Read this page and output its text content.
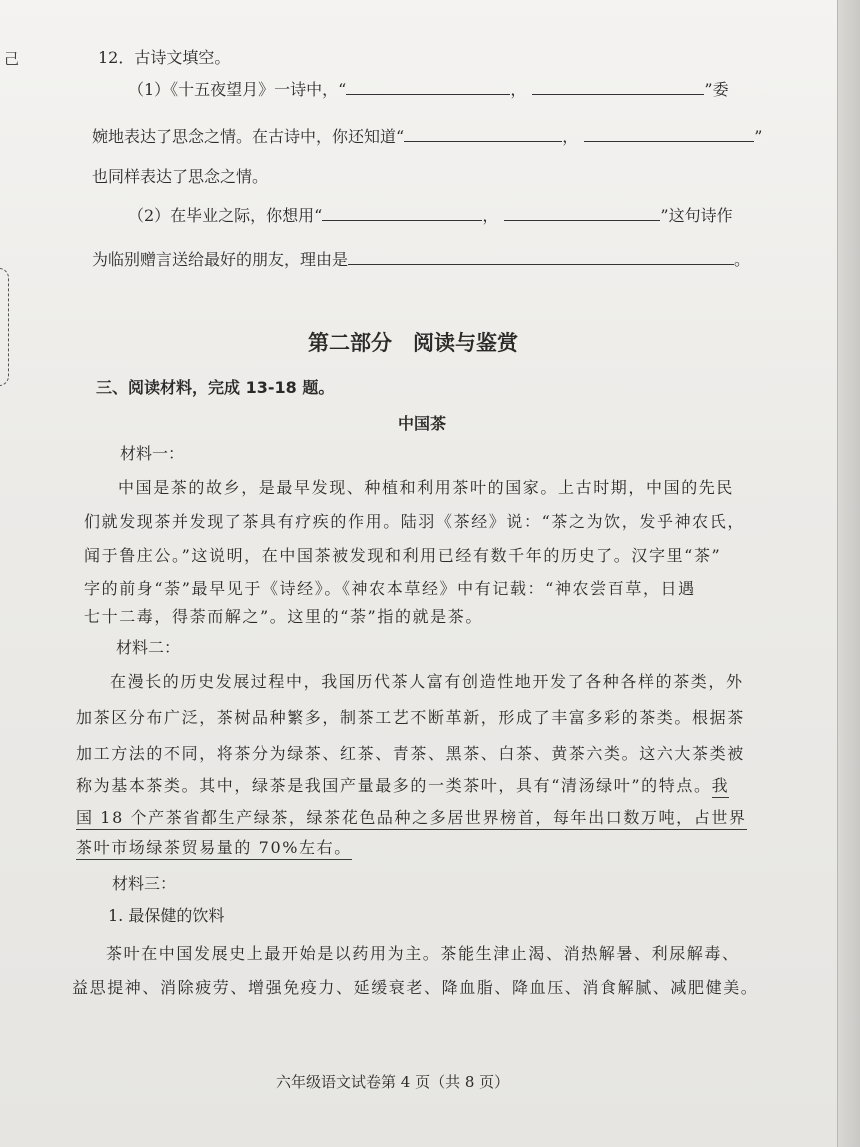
己	12．古诗文填空。
（1）《十五夜望月》一诗中，“	，	”委
婉地表达了思念之情。在古诗中，你还知道“	，	”
也同样表达了思念之情。
（2）在毕业之际，你想用“	，	”这句诗作
为临别赠言送给最好的朋友，理由是	。
第二部分　阅读与鉴赏
三、阅读材料，完成 13-18 题。
中国茶
材料一：
中国是茶的故乡，是最早发现、种植和利用茶叶的国家。上古时期，中国的先民
们就发现茶并发现了茶具有疗疾的作用。陆羽《茶经》说：“茶之为饮，发乎神农氏，
闻于鲁庄公。”这说明，在中国茶被发现和利用已经有数千年的历史了。汉字里“茶”
字的前身“荼”最早见于《诗经》。《神农本草经》中有记载：“神农尝百草，日遇
七十二毒，得荼而解之”。这里的“荼”指的就是茶。
材料二：
在漫长的历史发展过程中，我国历代茶人富有创造性地开发了各种各样的茶类，外
加茶区分布广泛，茶树品种繁多，制茶工艺不断革新，形成了丰富多彩的茶类。根据茶
加工方法的不同，将茶分为绿茶、红茶、青茶、黑茶、白茶、黄茶六类。这六大茶类被
称为基本茶类。其中，绿茶是我国产量最多的一类茶叶，具有“清汤绿叶”的特点。我
国 18 个产茶省都生产绿茶，绿茶花色品种之多居世界榜首，每年出口数万吨，占世界
茶叶市场绿茶贸易量的 70%左右。
材料三：
1. 最保健的饮料
茶叶在中国发展史上最开始是以药用为主。茶能生津止渴、消热解暑、利尿解毒、
益思提神、消除疲劳、增强免疫力、延缓衰老、降血脂、降血压、消食解腻、减肥健美。
六年级语文试卷第 4 页（共 8 页）
